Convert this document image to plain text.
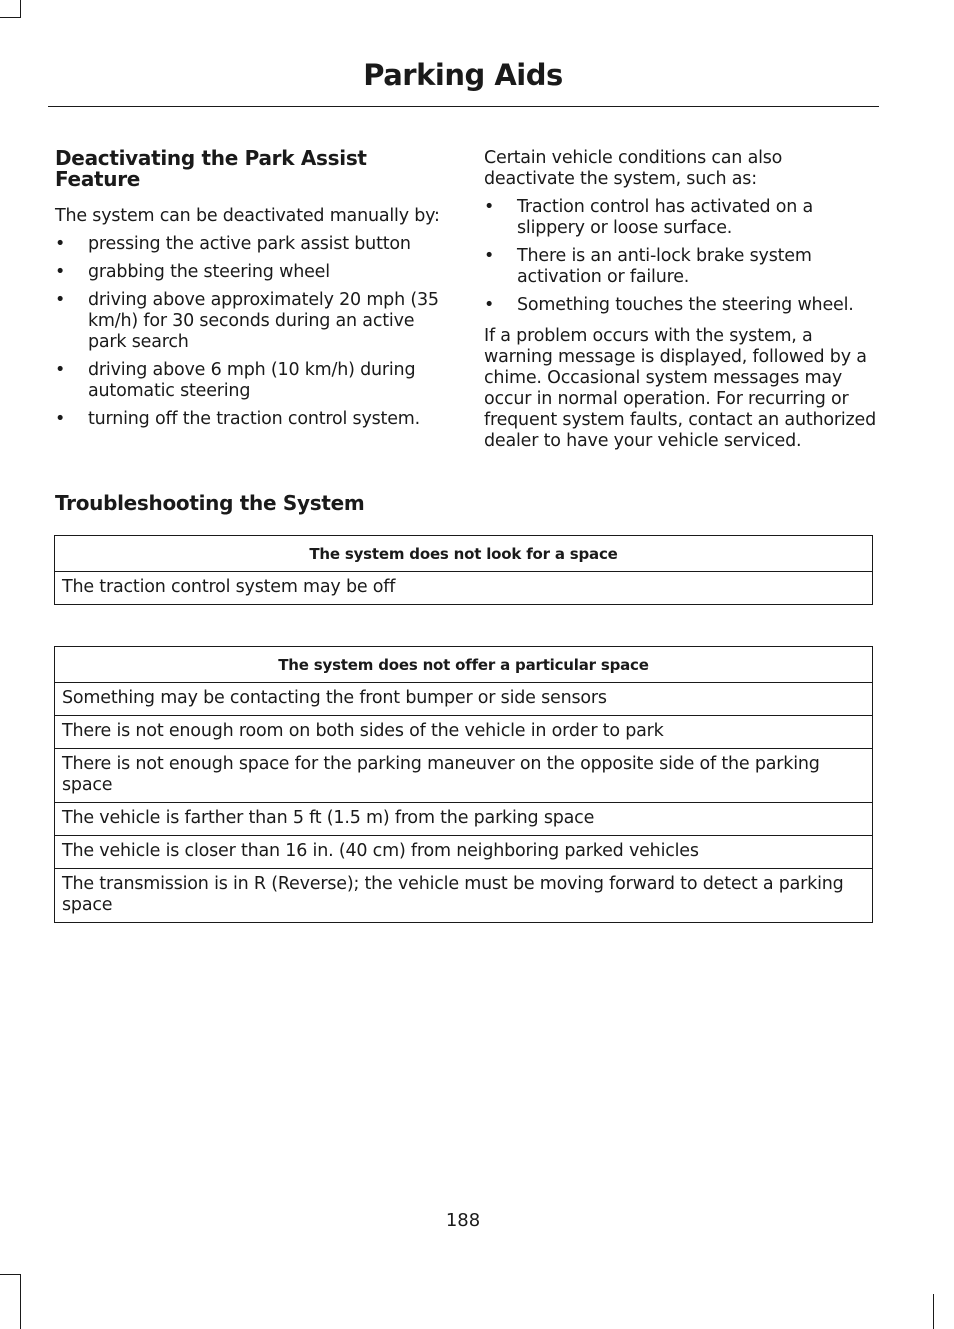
Parking Aids
Deactivating the Park Assist Feature

The system can be deactivated manually by:

• pressing the active park assist button
• grabbing the steering wheel
• driving above approximately 20 mph (35 km/h) for 30 seconds during an active park search
• driving above 6 mph (10 km/h) during automatic steering
• turning off the traction control system.

Certain vehicle conditions can also deactivate the system, such as:

• Traction control has activated on a slippery or loose surface.
• There is an anti-lock brake system activation or failure.
• Something touches the steering wheel.

If a problem occurs with the system, a warning message is displayed, followed by a chime. Occasional system messages may occur in normal operation. For recurring or frequent system faults, contact an authorized dealer to have your vehicle serviced.

Troubleshooting the System
The system does not look for a space
The traction control system may be off
The system does not offer a particular space
Something may be contacting the front bumper or side sensors
There is not enough room on both sides of the vehicle in order to park
There is not enough space for the parking maneuver on the opposite side of the parking space
The vehicle is farther than 5 ft (1.5 m) from the parking space
The vehicle is closer than 16 in. (40 cm) from neighboring parked vehicles
The transmission is in R (Reverse); the vehicle must be moving forward to detect a parking space
188
